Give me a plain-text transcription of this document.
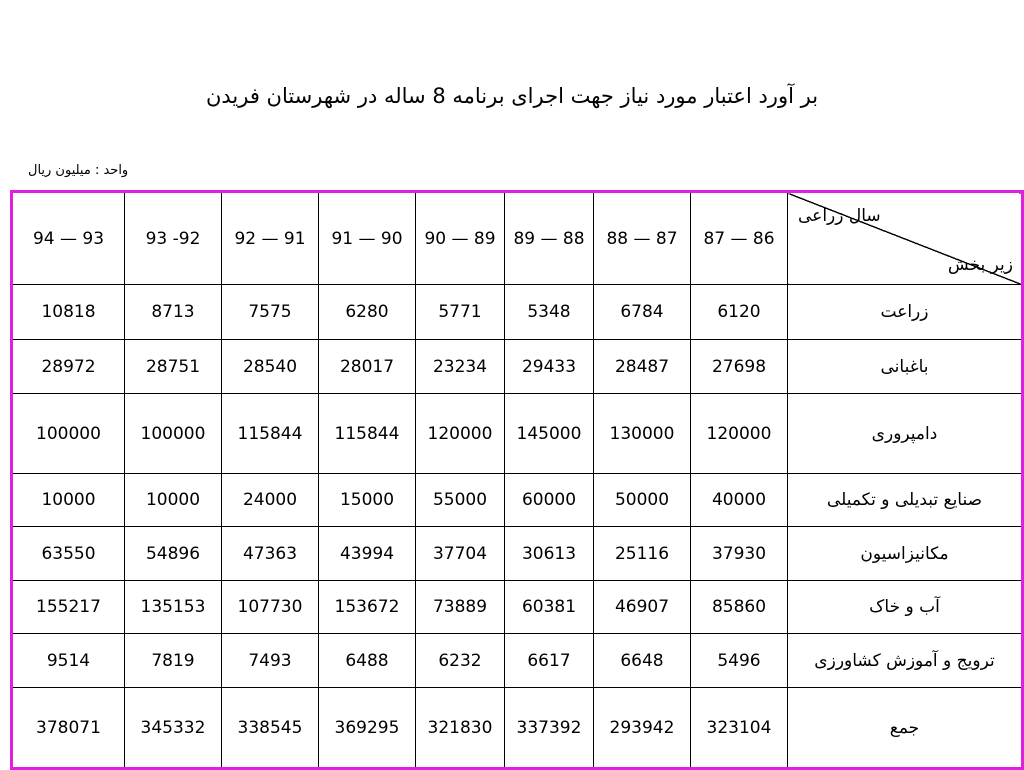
بر آورد اعتبار مورد نیاز جهت اجرای برنامه 8 ساله در شهرستان فریدن
واحد : میلیون ریال
94 — 93	93 -92	92 — 91	91 — 90	90 — 89	89 — 88	88 — 87	87 — 86	سال زراعی
زیر بخش

10818	8713	7575	6280	5771	5348	6784	6120	زراعت
28972	28751	28540	28017	23234	29433	28487	27698	باغبانی
100000	100000	115844	115844	120000	145000	130000	120000	دامپروری
10000	10000	24000	15000	55000	60000	50000	40000	صنایع تبدیلی و تکمیلی
63550	54896	47363	43994	37704	30613	25116	37930	مکانیزاسیون
155217	135153	107730	153672	73889	60381	46907	85860	آب و خاک
9514	7819	7493	6488	6232	6617	6648	5496	ترویج و آموزش کشاورزی
378071	345332	338545	369295	321830	337392	293942	323104	جمع
